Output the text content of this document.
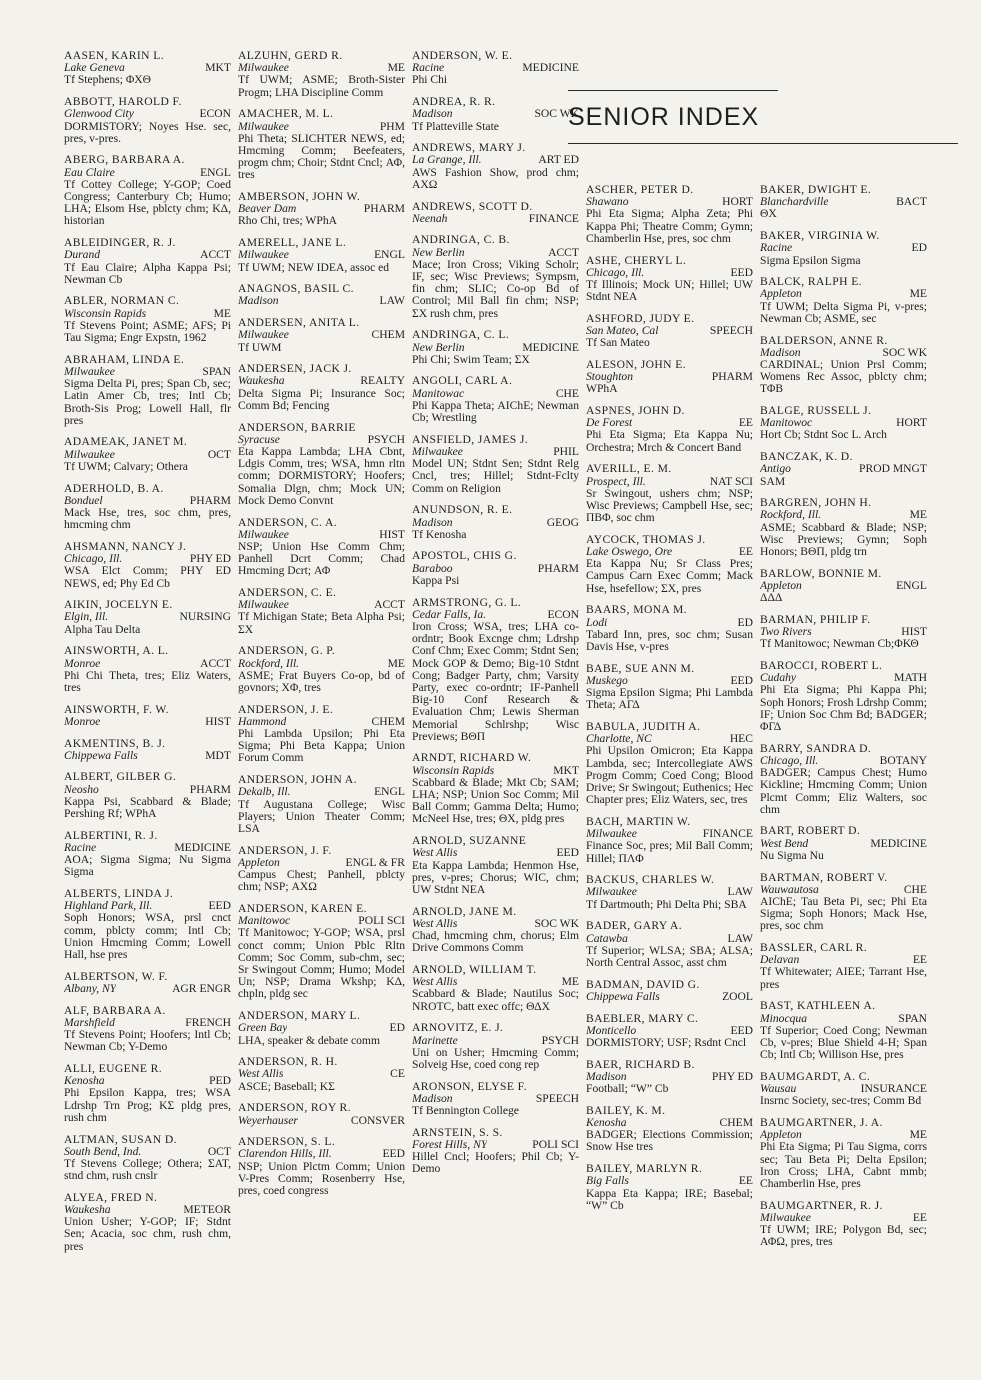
AASEN, KARIN L.
Lake Geneva	MKT
Tf Stephens; ΦΧΘ
ABBOTT, HAROLD F.
Glenwood City	ECON
DORMISTORY; Noyes Hse. sec, pres, v-pres.
ABERG, BARBARA A.
Eau Claire	ENGL
Tf Cottey College; Y-GOP; Coed Congress; Canterbury Cb; Humo; LHA; Elsom Hse, pblcty chm; ΚΔ, historian
ABLEIDINGER, R. J.
Durand	ACCT
Tf Eau Claire; Alpha Kappa Psi; Newman Cb
ABLER, NORMAN C.
Wisconsin Rapids	ME
Tf Stevens Point; ASME; AFS; Pi Tau Sigma; Engr Expstn, 1962
ABRAHAM, LINDA E.
Milwaukee	SPAN
Sigma Delta Pi, pres; Span Cb, sec; Latin Amer Cb, tres; Intl Cb; Broth-Sis Prog; Lowell Hall, flr pres
ADAMEAK, JANET M.
Milwaukee	OCT
Tf UWM; Calvary; Othera
ADERHOLD, B. A.
Bonduel	PHARM
Mack Hse, tres, soc chm, pres, hmcming chm
AHSMANN, NANCY J.
Chicago, Ill.	PHY ED
WSA Elct Comm; PHY ED NEWS, ed; Phy Ed Cb
AIKIN, JOCELYN E.
Elgin, Ill.	NURSING
Alpha Tau Delta
AINSWORTH, A. L.
Monroe	ACCT
Phi Chi Theta, tres; Eliz Waters, tres
AINSWORTH, F. W.
Monroe	HIST
AKMENTINS, B. J.
Chippewa Falls	MDT
ALBERT, GILBER G.
Neosho	PHARM
Kappa Psi, Scabbard & Blade; Pershing Rf; WPhA
ALBERTINI, R. J.
Racine	MEDICINE
AOA; Sigma Sigma; Nu Sigma Sigma
ALBERTS, LINDA J.
Highland Park, Ill.	EED
Soph Honors; WSA, prsl cnct comm, pblcty comm; Intl Cb; Union Hmcming Comm; Lowell Hall, hse pres
ALBERTSON, W. F.
Albany, NY	AGR ENGR
ALF, BARBARA A.
Marshfield	FRENCH
Tf Stevens Point; Hoofers; Intl Cb; Newman Cb; Y-Demo
ALLI, EUGENE R.
Kenosha	PED
Phi Epsilon Kappa, tres; WSA Ldrshp Trn Prog; ΚΣ pldg pres, rush chm
ALTMAN, SUSAN D.
South Bend, Ind.	OCT
Tf Stevens College; Othera; ΣΑΤ, stnd chm, rush cnslr
ALYEA, FRED N.
Waukesha	METEOR
Union Usher; Y-GOP; IF; Stdnt Sen; Acacia, soc chm, rush chm, pres
ALZUHN, GERD R.
Milwaukee	ME
Tf UWM; ASME; Broth-Sister Progm; LHA Discipline Comm
AMACHER, M. L.
Milwaukee	PHM
Phi Theta; SLICHTER NEWS, ed; Hmcming Comm; Beefeaters, progm chm; Choir; Stdnt Cncl; ΑΦ, tres
AMBERSON, JOHN W.
Beaver Dam	PHARM
Rho Chi, tres; WPhA
AMERELL, JANE L.
Milwaukee	ENGL
Tf UWM; NEW IDEA, assoc ed
ANAGNOS, BASIL C.
Madison	LAW
ANDERSEN, ANITA L.
Milwaukee	CHEM
Tf UWM
ANDERSEN, JACK J.
Waukesha	REALTY
Delta Sigma Pi; Insurance Soc; Comm Bd; Fencing
ANDERSON, BARRIE
Syracuse	PSYCH
Eta Kappa Lambda; LHA Cbnt, Ldgis Comm, tres; WSA, hmn rltn comm; DORMISTORY; Hoofers; Somalia Dlgn, chm; Mock UN; Mock Demo Convnt
ANDERSON, C. A.
Milwaukee	HIST
NSP; Union Hse Comm Chm; Panhell Dcrt Comm; Chad Hmcming Dcrt; ΑΦ
ANDERSON, C. E.
Milwaukee	ACCT
Tf Michigan State; Beta Alpha Psi; ΣΧ
ANDERSON, G. P.
Rockford, Ill.	ME
ASME; Frat Buyers Co-op, bd of govnors; ΧΦ, tres
ANDERSON, J. E.
Hammond	CHEM
Phi Lambda Upsilon; Phi Eta Sigma; Phi Beta Kappa; Union Forum Comm
ANDERSON, JOHN A.
Dekalb, Ill.	ENGL
Tf Augustana College; Wisc Players; Union Theater Comm; LSA
ANDERSON, J. F.
Appleton	ENGL & FR
Campus Chest; Panhell, pblcty chm; NSP; ΑΧΩ
ANDERSON, KAREN E.
Manitowoc	POLI SCI
Tf Manitowoc; Y-GOP; WSA, prsl conct comm; Union Pblc Rltn Comm; Soc Comm, sub-chm, sec; Sr Swingout Comm; Humo; Model Un; NSP; Drama Wkshp; ΚΔ, chpln, pldg sec
ANDERSON, MARY L.
Green Bay	ED
LHA, speaker & debate comm
ANDERSON, R. H.
West Allis	CE
ASCE; Baseball; ΚΣ
ANDERSON, ROY R.
Weyerhauser	CONSVER
ANDERSON, S. L.
Clarendon Hills, Ill.	EED
NSP; Union Plctm Comm; Union V-Pres Comm; Rosenberry Hse, pres, coed congress
ANDERSON, W. E.
Racine	MEDICINE
Phi Chi
ANDREA, R. R.
Madison	SOC WK
Tf Platteville State
ANDREWS, MARY J.
La Grange, Ill.	ART ED
AWS Fashion Show, prod chm; ΑΧΩ
ANDREWS, SCOTT D.
Neenah	FINANCE
ANDRINGA, C. B.
New Berlin	ACCT
Mace; Iron Cross; Viking Scholr; IF, sec; Wisc Previews; Sympsm, fin chm; SLIC; Co-op Bd of Control; Mil Ball fin chm; NSP; ΣΧ rush chm, pres
ANDRINGA, C. L.
New Berlin	MEDICINE
Phi Chi; Swim Team; ΣΧ
ANGOLI, CARL A.
Manitowac	CHE
Phi Kappa Theta; AIChE; Newman Cb; Wrestling
ANSFIELD, JAMES J.
Milwaukee	PHIL
Model UN; Stdnt Sen; Stdnt Relg Cncl, tres; Hillel; Stdnt-Fclty Comm on Religion
ANUNDSON, R. E.
Madison	GEOG
Tf Kenosha
APOSTOL, CHIS G.
Baraboo	PHARM
Kappa Psi
ARMSTRONG, G. L.
Cedar Falls, Ia.	ECON
Iron Cross; WSA, tres; LHA co-ordntr; Book Excnge chm; Ldrshp Conf Chm; Exec Comm; Stdnt Sen; Mock GOP & Demo; Big-10 Stdnt Cong; Badger Party, chm; Varsity Party, exec co-ordntr; IF-Panhell Big-10 Conf Research & Evaluation Chm; Lewis Sherman Memorial Schlrshp; Wisc Previews; ΒΘΠ
ARNDT, RICHARD W.
Wisconsin Rapids	MKT
Scabbard & Blade; Mkt Cb; SAM; LHA; NSP; Union Soc Comm; Mil Ball Comm; Gamma Delta; Humo; McNeel Hse, tres; ΘΧ, pldg pres
ARNOLD, SUZANNE
West Allis	EED
Eta Kappa Lambda; Henmon Hse, pres, v-pres; Chorus; WIC, chm; UW Stdnt NEA
ARNOLD, JANE M.
West Allis	SOC WK
Chad, hmcming chm, chorus; Elm Drive Commons Comm
ARNOLD, WILLIAM T.
West Allis	ME
Scabbard & Blade; Nautilus Soc; NROTC, batt exec offc; ΘΔΧ
ARNOVITZ, E. J.
Marinette	PSYCH
Uni on Usher; Hmcming Comm; Solveig Hse, coed cong rep
ARONSON, ELYSE F.
Madison	SPEECH
Tf Bennington College
ARNSTEIN, S. S.
Forest Hills, NY	POLI SCI
Hillel Cncl; Hoofers; Phil Cb; Y-Demo
SENIOR INDEX
ASCHER, PETER D.
Shawano	HORT
Phi Eta Sigma; Alpha Zeta; Phi Kappa Phi; Theatre Comm; Gymn; Chamberlin Hse, pres, soc chm
ASHE, CHERYL L.
Chicago, Ill.	EED
Tf Illinois; Mock UN; Hillel; UW Stdnt NEA
ASHFORD, JUDY E.
San Mateo, Cal	SPEECH
Tf San Mateo
ALESON, JOHN E.
Stoughton	PHARM
WPhA
ASPNES, JOHN D.
De Forest	EE
Phi Eta Sigma; Eta Kappa Nu; Orchestra; Mrch & Concert Band
AVERILL, E. M.
Prospect, Ill.	NAT SCI
Sr Swingout, ushers chm; NSP; Wisc Previews; Campbell Hse, sec; ΠΒΦ, soc chm
AYCOCK, THOMAS J.
Lake Oswego, Ore	EE
Eta Kappa Nu; Sr Class Pres; Campus Carn Exec Comm; Mack Hse, hsefellow; ΣΧ, pres
BAARS, MONA M.
Lodi	ED
Tabard Inn, pres, soc chm; Susan Davis Hse, v-pres
BABE, SUE ANN M.
Muskego	EED
Sigma Epsilon Sigma; Phi Lambda Theta; ΑΓΔ
BABULA, JUDITH A.
Charlotte, NC	HEC
Phi Upsilon Omicron; Eta Kappa Lambda, sec; Intercollegiate AWS Progm Comm; Coed Cong; Blood Drive; Sr Swingout; Euthenics; Hec Chapter pres; Eliz Waters, sec, tres
BACH, MARTIN W.
Milwaukee	FINANCE
Finance Soc, pres; Mil Ball Comm; Hillel; ΠΛΦ
BACKUS, CHARLES W.
Milwaukee	LAW
Tf Dartmouth; Phi Delta Phi; SBA
BADER, GARY A.
Catawba	LAW
Tf Superior; WLSA; SBA; ALSA; North Central Assoc, asst chm
BADMAN, DAVID G.
Chippewa Falls	ZOOL
BAEBLER, MARY C.
Monticello	EED
DORMISTORY; USF; Rsdnt Cncl
BAER, RICHARD B.
Madison	PHY ED
Football; “W” Cb
BAILEY, K. M.
Kenosha	CHEM
BADGER; Elections Commission; Snow Hse tres
BAILEY, MARLYN R.
Big Falls	EE
Kappa Eta Kappa; IRE; Basebal; “W” Cb
BAKER, DWIGHT E.
Blanchardville	BACT
ΘΧ
BAKER, VIRGINIA W.
Racine	ED
Sigma Epsilon Sigma
BALCK, RALPH E.
Appleton	ME
Tf UWM; Delta Sigma Pi, v-pres; Newman Cb; ASME, sec
BALDERSON, ANNE R.
Madison	SOC WK
CARDINAL; Union Prsl Comm; Womens Rec Assoc, pblcty chm; ΤΦΒ
BALGE, RUSSELL J.
Manitowoc	HORT
Hort Cb; Stdnt Soc L. Arch
BANCZAK, K. D.
Antigo	PROD MNGT
SAM
BARGREN, JOHN H.
Rockford, Ill.	ME
ASME; Scabbard & Blade; NSP; Wisc Previews; Gymn; Soph Honors; ΒΘΠ, pldg trn
BARLOW, BONNIE M.
Appleton	ENGL
ΔΔΔ
BARMAN, PHILIP F.
Two Rivers	HIST
Tf Manitowoc; Newman Cb;ΦΚΘ
BAROCCI, ROBERT L.
Cudahy	MATH
Phi Eta Sigma; Phi Kappa Phi; Soph Honors; Frosh Ldrshp Comm; IF; Union Soc Chm Bd; BADGER; ΦΓΔ
BARRY, SANDRA D.
Chicago, Ill.	BOTANY
BADGER; Campus Chest; Humo Kickline; Hmcming Comm; Union Plcmt Comm; Eliz Walters, soc chm
BART, ROBERT D.
West Bend	MEDICINE
Nu Sigma Nu
BARTMAN, ROBERT V.
Wauwautosa	CHE
AIChE; Tau Beta Pi, sec; Phi Eta Sigma; Soph Honors; Mack Hse, pres, soc chm
BASSLER, CARL R.
Delavan	EE
Tf Whitewater; AIEE; Tarrant Hse, pres
BAST, KATHLEEN A.
Minocqua	SPAN
Tf Superior; Coed Cong; Newman Cb, v-pres; Blue Shield 4-H; Span Cb; Intl Cb; Willison Hse, pres
BAUMGARDT, A. C.
Wausau	INSURANCE
Insrnc Society, sec-tres; Comm Bd
BAUMGARTNER, J. A.
Appleton	ME
Phi Eta Sigma; Pi Tau Sigma, corrs sec; Tau Beta Pi; Delta Epsilon; Iron Cross; LHA, Cabnt mmb; Chamberlin Hse, pres
BAUMGARTNER, R. J.
Milwaukee	EE
Tf UWM; IRE; Polygon Bd, sec; ΑΦΩ, pres, tres
